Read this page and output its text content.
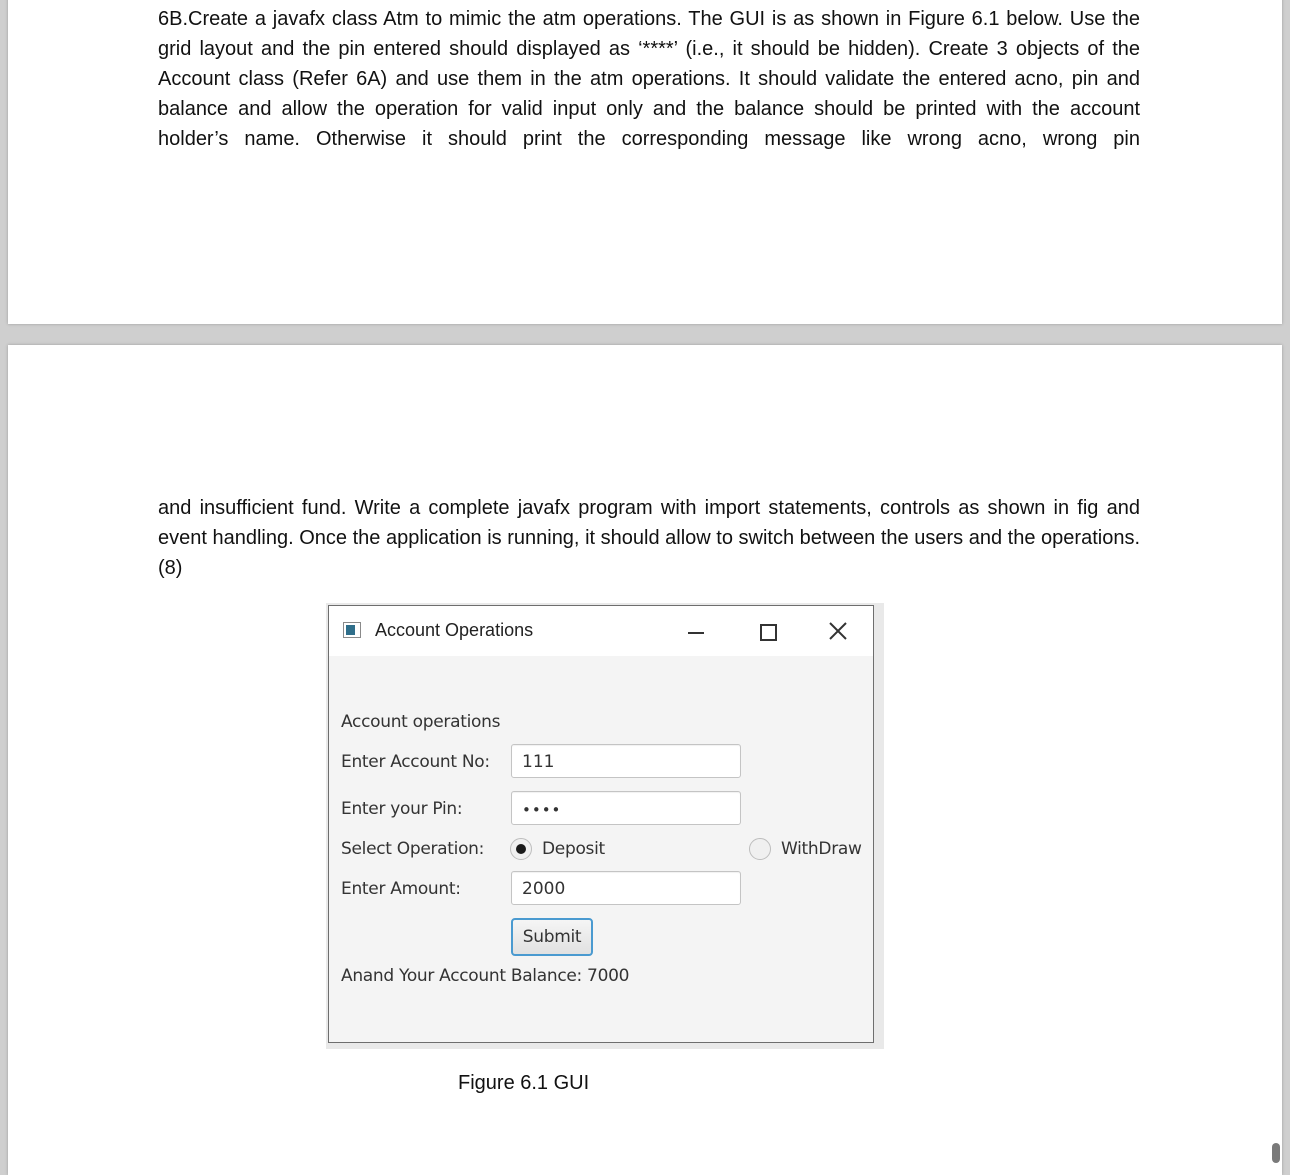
6B.Create a javafx class Atm to mimic the atm operations. The GUI is as shown in Figure 6.1 below. Use the grid layout and the pin entered should displayed as ‘****’ (i.e., it should be hidden). Create 3 objects of the Account class (Refer 6A) and use them in the atm operations. It should validate the entered acno, pin and balance and allow the operation for valid input only and the balance should be printed with the account holder’s name. Otherwise it should print the corresponding message like wrong acno, wrong pin

and insufficient fund. Write a complete javafx program with import statements, controls as shown in fig and event handling. Once the application is running, it should allow to switch between the users and the operations. (8)

Account Operations
Account operations
Enter Account No:	111
Enter your Pin:	••••
Select Operation:	Deposit	WithDraw
Enter Amount:	2000
Submit
Anand Your Account Balance: 7000
Figure 6.1 GUI
